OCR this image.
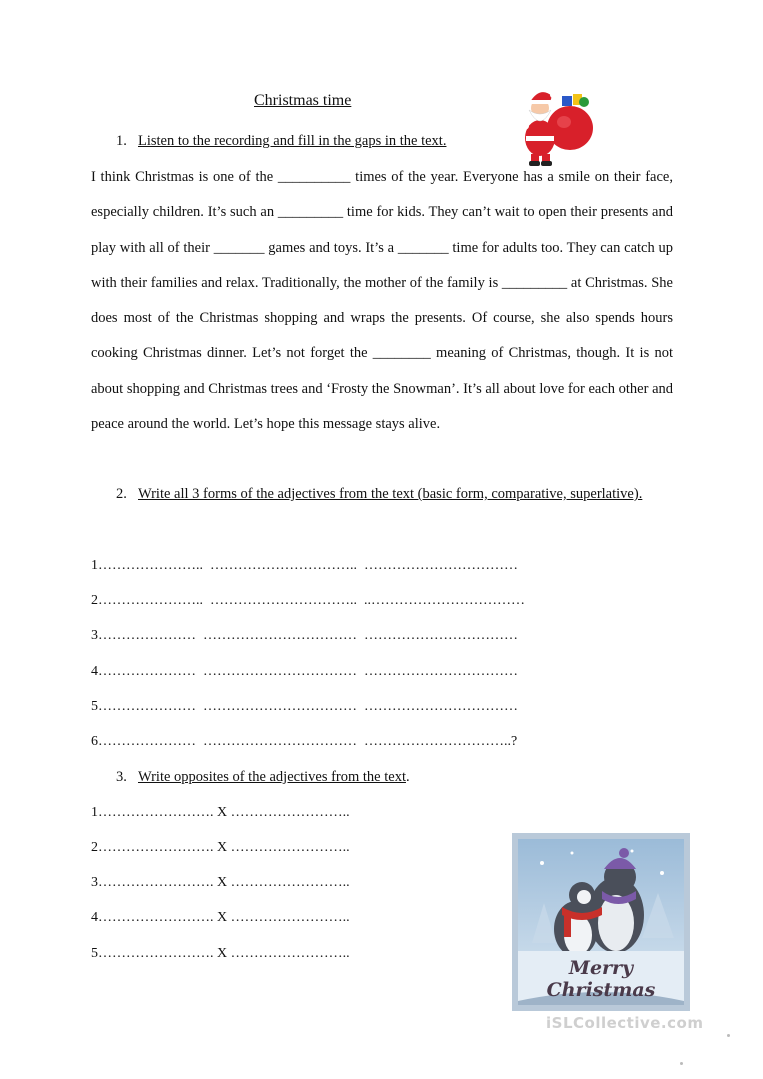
Christmas time
1. Listen to the recording and fill in the gaps in the text.
I think Christmas is one of the __________ times of the year. Everyone has a smile on their face, especially children. It’s such an _________ time for kids. They can’t wait to open their presents and play with all of their _______ games and toys. It’s a _______ time for adults too. They can catch up with their families and relax. Traditionally, the mother of the family is _________ at Christmas. She does most of the Christmas shopping and wraps the presents. Of course, she also spends hours cooking Christmas dinner. Let’s not forget the ________ meaning of Christmas, though. It is not about shopping and Christmas trees and ‘Frosty the Snowman’. It’s all about love for each other and peace around the world. Let’s hope this message stays alive.
2. Write all 3 forms of the adjectives from the text (basic form, comparative, superlative).
1…………………..  …………………………..  ……………………………
2…………………..  …………………………..  ..……………………………
3…………………  ……………………………  ……………………………
4…………………  ……………………………  ……………………………
5…………………  ……………………………  ……………………………
6…………………  ……………………………  …………………………..?
3. Write opposites of the adjectives from the text.
1……………………. X ……………………..
2……………………. X ……………………..
3……………………. X ……………………..
4……………………. X ……………………..
5……………………. X ……………………..
Merry Christmas
iSLCollective.com
